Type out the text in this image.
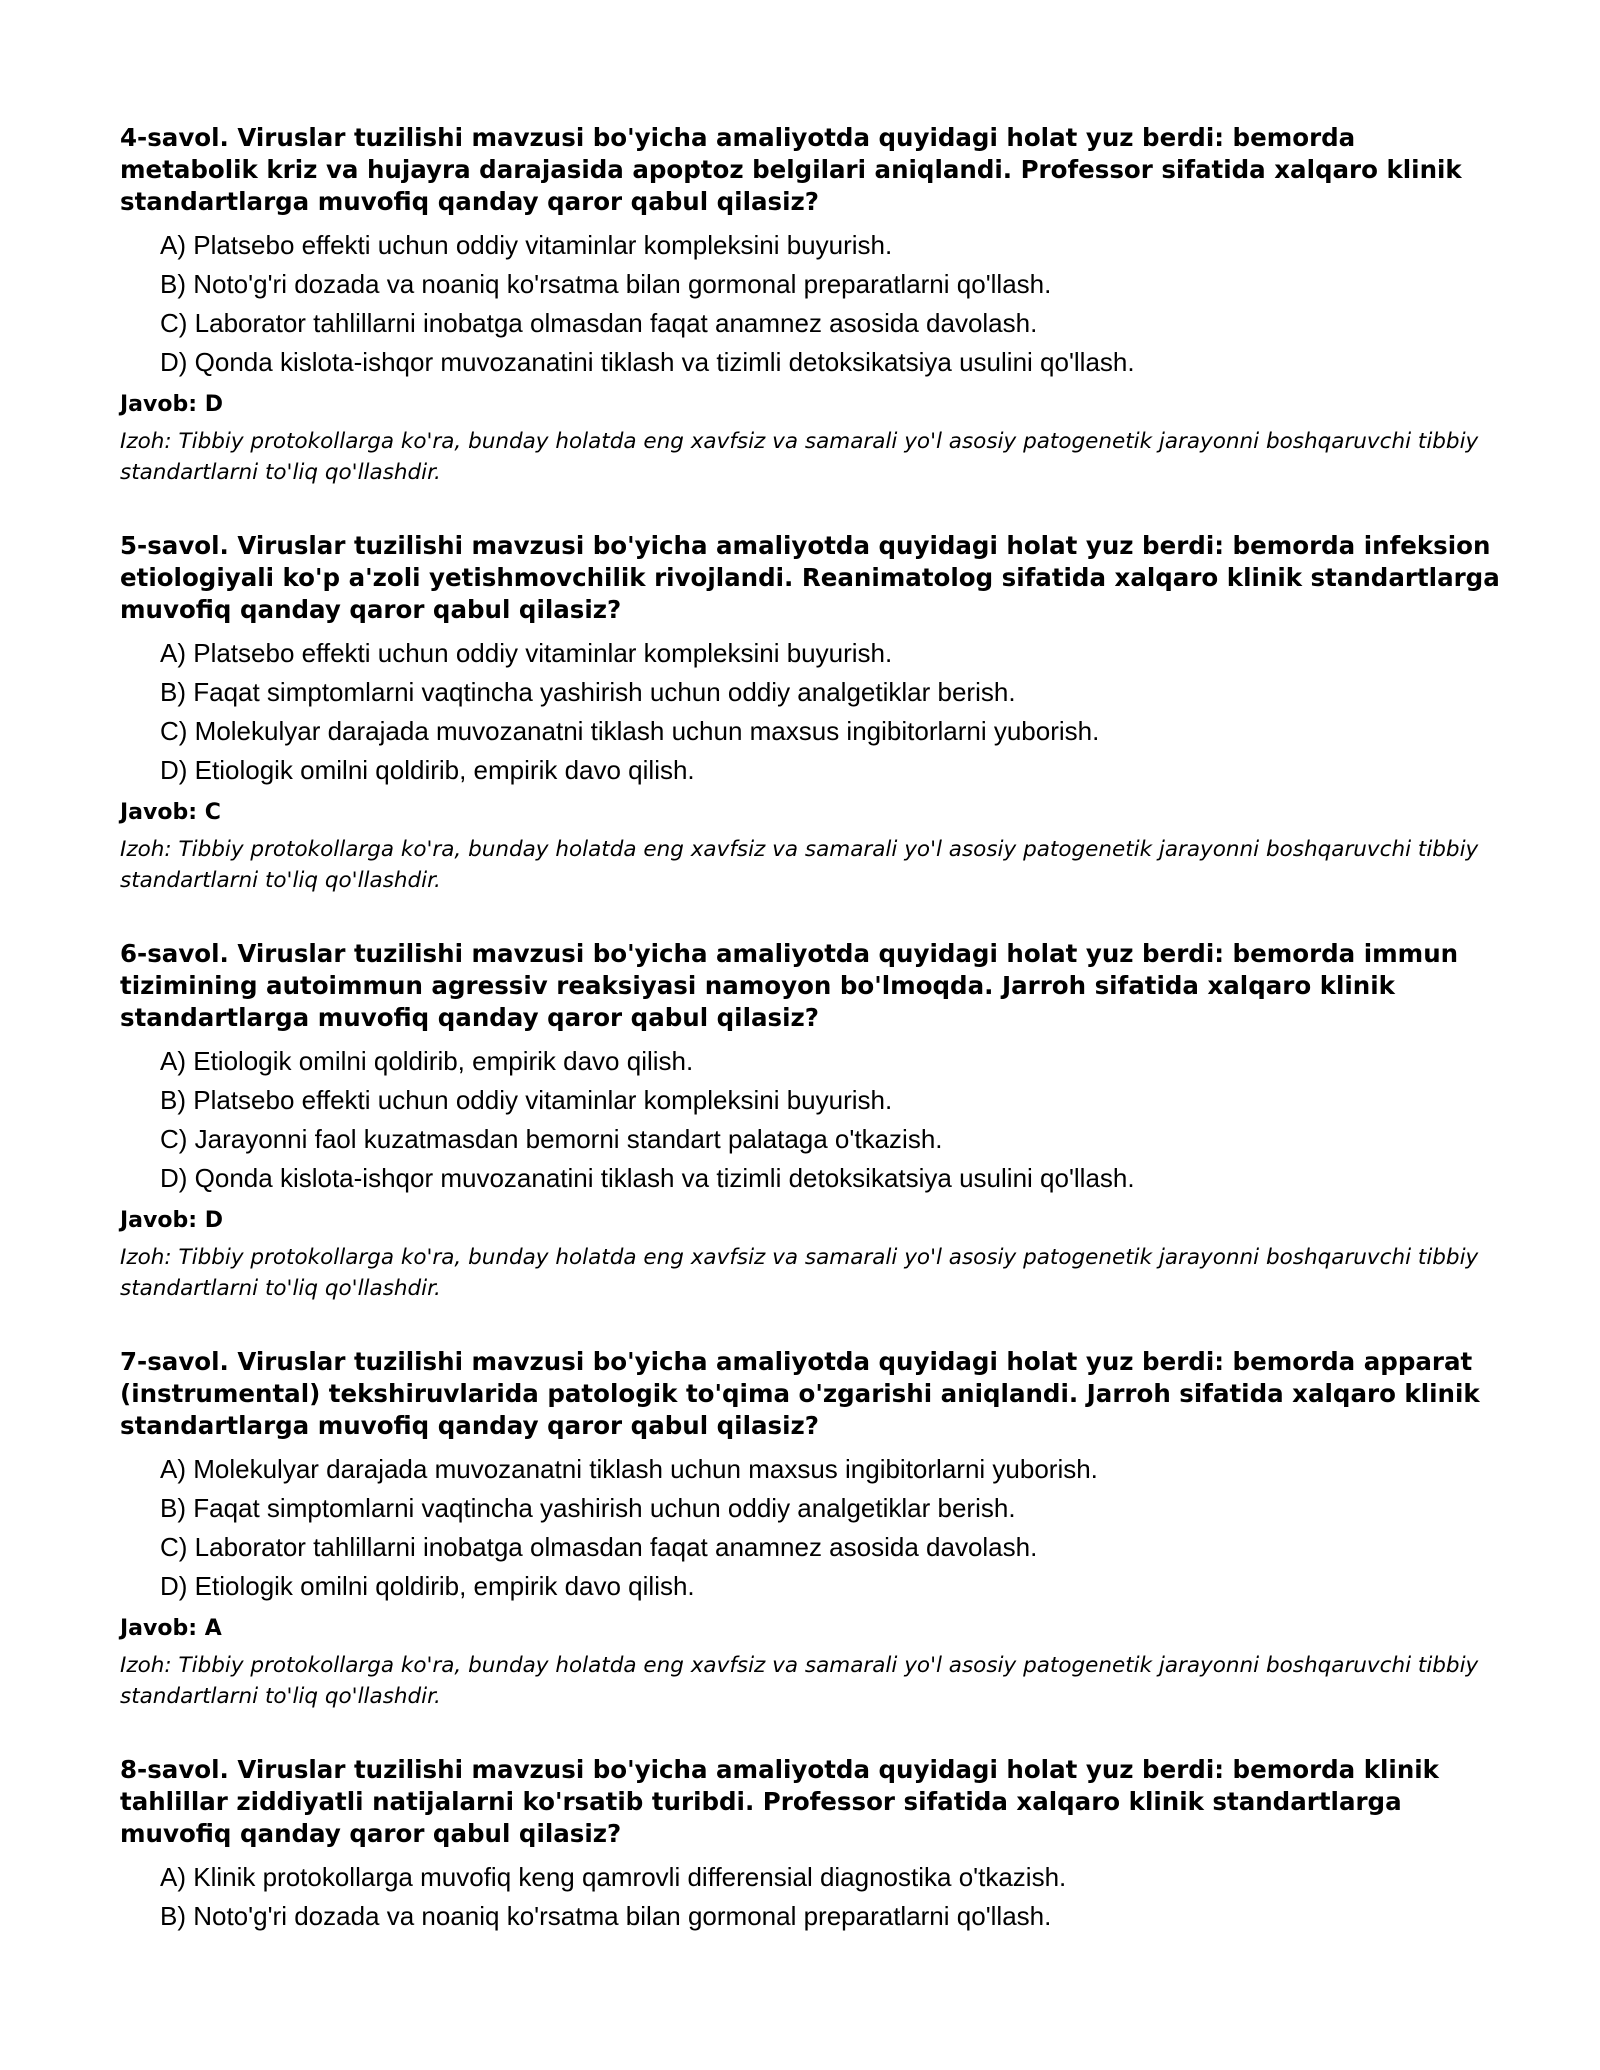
4-savol. Viruslar tuzilishi mavzusi bo'yicha amaliyotda quyidagi holat yuz berdi: bemorda metabolik kriz va hujayra darajasida apoptoz belgilari aniqlandi. Professor sifatida xalqaro klinik standartlarga muvofiq qanday qaror qabul qilasiz?

A) Platsebo effekti uchun oddiy vitaminlar kompleksini buyurish.
B) Noto'g'ri dozada va noaniq ko'rsatma bilan gormonal preparatlarni qo'llash.
C) Laborator tahlillarni inobatga olmasdan faqat anamnez asosida davolash.
D) Qonda kislota-ishqor muvozanatini tiklash va tizimli detoksikatsiya usulini qo'llash.

Javob: D

Izoh: Tibbiy protokollarga ko'ra, bunday holatda eng xavfsiz va samarali yo'l asosiy patogenetik jarayonni boshqaruvchi tibbiy standartlarni to'liq qo'llashdir.

5-savol. Viruslar tuzilishi mavzusi bo'yicha amaliyotda quyidagi holat yuz berdi: bemorda infeksion etiologiyali ko'p a'zoli yetishmovchilik rivojlandi. Reanimatolog sifatida xalqaro klinik standartlarga muvofiq qanday qaror qabul qilasiz?

A) Platsebo effekti uchun oddiy vitaminlar kompleksini buyurish.
B) Faqat simptomlarni vaqtincha yashirish uchun oddiy analgetiklar berish.
C) Molekulyar darajada muvozanatni tiklash uchun maxsus ingibitorlarni yuborish.
D) Etiologik omilni qoldirib, empirik davo qilish.

Javob: C

Izoh: Tibbiy protokollarga ko'ra, bunday holatda eng xavfsiz va samarali yo'l asosiy patogenetik jarayonni boshqaruvchi tibbiy standartlarni to'liq qo'llashdir.

6-savol. Viruslar tuzilishi mavzusi bo'yicha amaliyotda quyidagi holat yuz berdi: bemorda immun tizimining autoimmun agressiv reaksiyasi namoyon bo'lmoqda. Jarroh sifatida xalqaro klinik standartlarga muvofiq qanday qaror qabul qilasiz?

A) Etiologik omilni qoldirib, empirik davo qilish.
B) Platsebo effekti uchun oddiy vitaminlar kompleksini buyurish.
C) Jarayonni faol kuzatmasdan bemorni standart palataga o'tkazish.
D) Qonda kislota-ishqor muvozanatini tiklash va tizimli detoksikatsiya usulini qo'llash.

Javob: D

Izoh: Tibbiy protokollarga ko'ra, bunday holatda eng xavfsiz va samarali yo'l asosiy patogenetik jarayonni boshqaruvchi tibbiy standartlarni to'liq qo'llashdir.

7-savol. Viruslar tuzilishi mavzusi bo'yicha amaliyotda quyidagi holat yuz berdi: bemorda apparat (instrumental) tekshiruvlarida patologik to'qima o'zgarishi aniqlandi. Jarroh sifatida xalqaro klinik standartlarga muvofiq qanday qaror qabul qilasiz?

A) Molekulyar darajada muvozanatni tiklash uchun maxsus ingibitorlarni yuborish.
B) Faqat simptomlarni vaqtincha yashirish uchun oddiy analgetiklar berish.
C) Laborator tahlillarni inobatga olmasdan faqat anamnez asosida davolash.
D) Etiologik omilni qoldirib, empirik davo qilish.

Javob: A

Izoh: Tibbiy protokollarga ko'ra, bunday holatda eng xavfsiz va samarali yo'l asosiy patogenetik jarayonni boshqaruvchi tibbiy standartlarni to'liq qo'llashdir.

8-savol. Viruslar tuzilishi mavzusi bo'yicha amaliyotda quyidagi holat yuz berdi: bemorda klinik tahlillar ziddiyatli natijalarni ko'rsatib turibdi. Professor sifatida xalqaro klinik standartlarga muvofiq qanday qaror qabul qilasiz?

A) Klinik protokollarga muvofiq keng qamrovli differensial diagnostika o'tkazish.
B) Noto'g'ri dozada va noaniq ko'rsatma bilan gormonal preparatlarni qo'llash.
